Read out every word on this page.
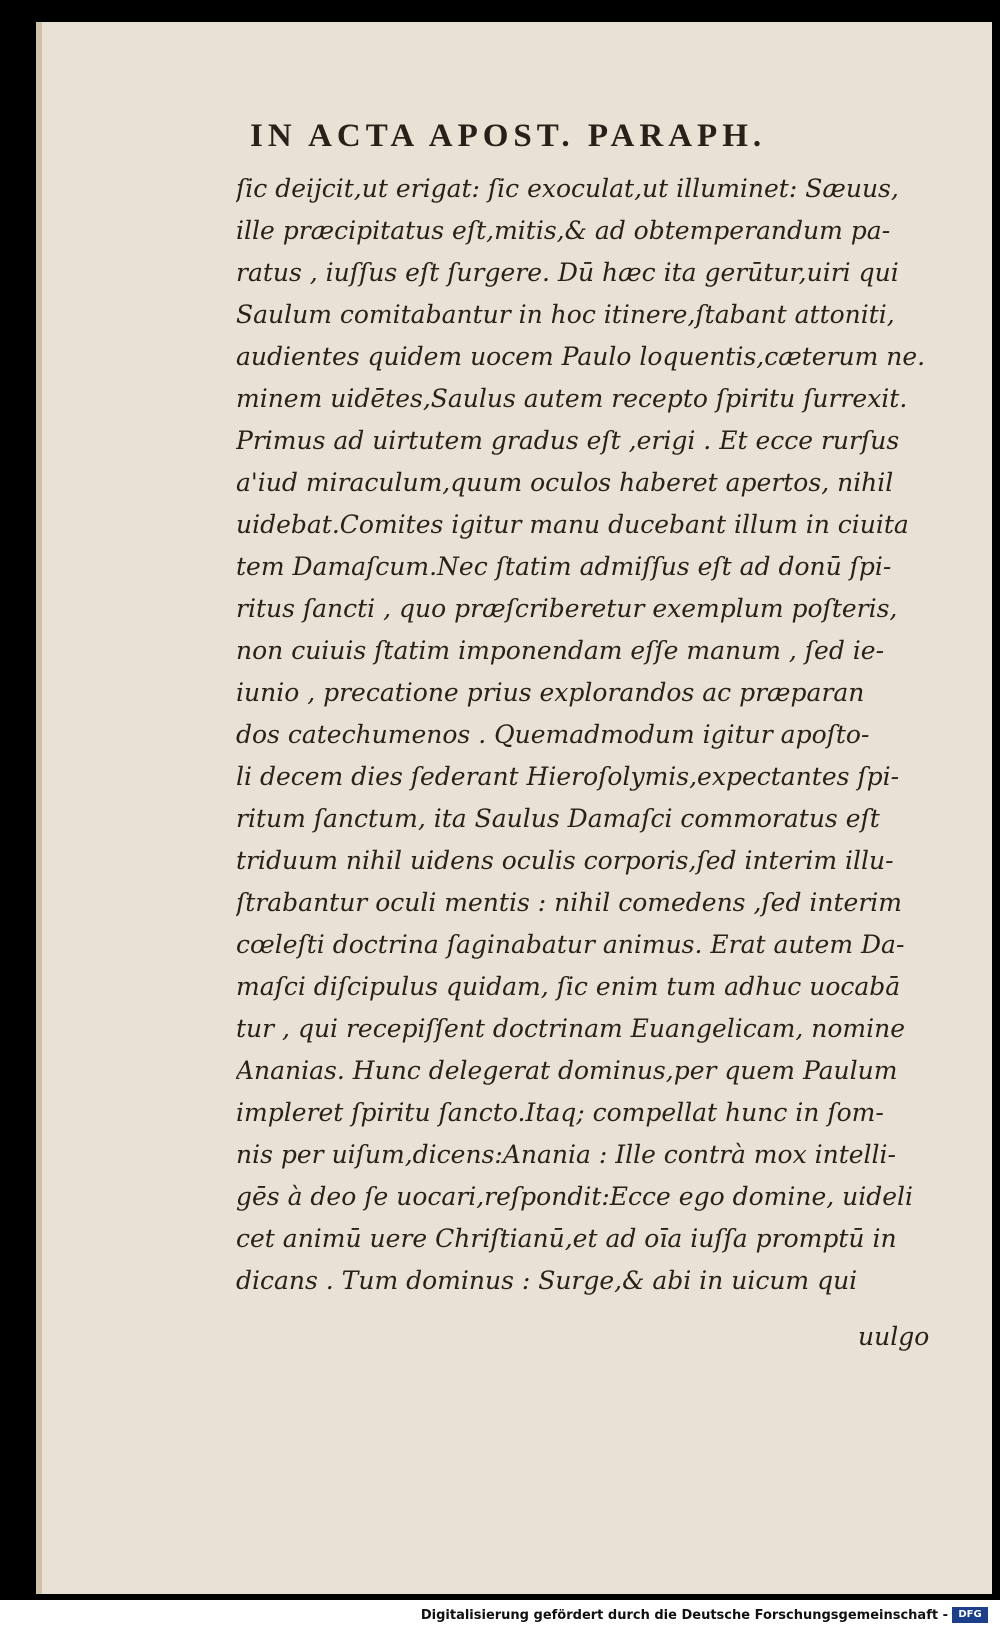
IN ACTA APOST. PARAPH.
ſic deijcit,ut erigat: ſic exoculat,ut illuminet: Sæuus,
ille præcipitatus eſt,mitis,& ad obtemperandum pa-
ratus , iuſſus eſt ſurgere. Dū hæc ita gerūtur,uiri qui
Saulum comitabantur in hoc itinere,ſtabant attoniti,
audientes quidem uocem Paulo loquentis,cæterum ne.
minem uidētes,Saulus autem recepto ſpiritu ſurrexit.
Primus ad uirtutem gradus eſt ,erigi . Et ecce rurſus
a'iud miraculum,quum oculos haberet apertos, nihil
uidebat.Comites igitur manu ducebant illum in ciuita
tem Damaſcum.Nec ſtatim admiſſus eſt ad donū ſpi-
ritus ſancti , quo præſcriberetur exemplum poſteris,
non cuiuis ſtatim imponendam eſſe manum , ſed ie-
iunio , precatione prius explorandos ac præparan
dos catechumenos . Quemadmodum igitur apoſto-
li decem dies ſederant Hieroſolymis,expectantes ſpi-
ritum ſanctum, ita Saulus Damaſci commoratus eſt
triduum nihil uidens oculis corporis,ſed interim illu-
ſtrabantur oculi mentis : nihil comedens ,ſed interim
cœleſti doctrina ſaginabatur animus. Erat autem Da-
maſci diſcipulus quidam, ſic enim tum adhuc uocabā
tur , qui recepiſſent doctrinam Euangelicam, nomine
Ananias. Hunc delegerat dominus,per quem Paulum
impleret ſpiritu ſancto.Itaq; compellat hunc in ſom-
nis per uiſum,dicens:Anania : Ille contrà mox intelli-
gēs à deo ſe uocari,reſpondit:Ecce ego domine, uideli
cet animū uere Chriſtianū,et ad oīa iuſſa promptū in
dicans . Tum dominus : Surge,& abi in uicum qui
uulgo
Digitalisierung gefördert durch die Deutsche Forschungsgemeinschaft -	DFG
